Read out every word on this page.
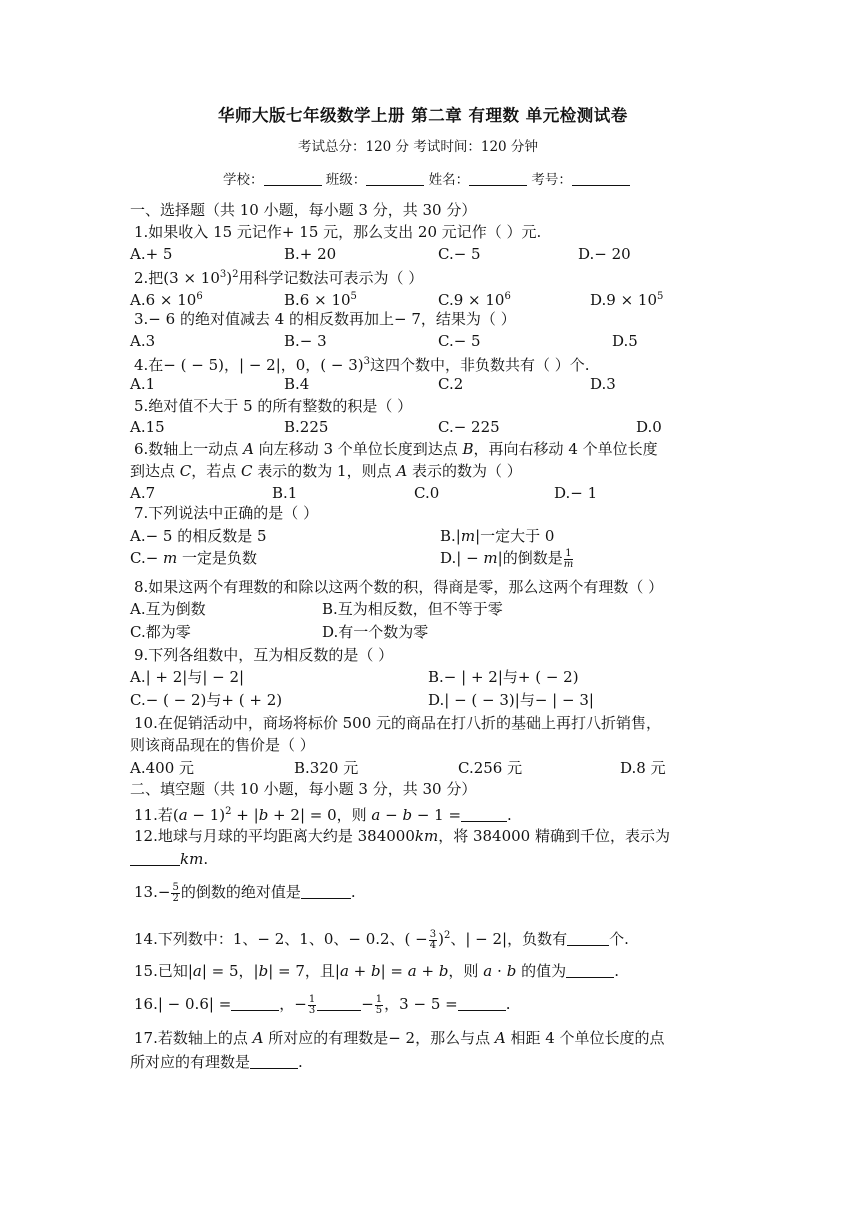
华师大版七年级数学上册 第二章 有理数 单元检测试卷
考试总分：120 分 考试时间：120 分钟
学校：	班级：	姓名：	考号：
一、选择题（共 10 小题，每小题 3 分，共 30 分）
1.如果收入 15 元记作+ 15 元，那么支出 20 元记作（ ）元.
A.+ 5	B.+ 20	C.− 5	D.− 20
2.把$(3 \times 10^3)^2$用科学记数法可表示为（ ）
$A.6 \times 10^6$	$B.6 \times 10^5$	$C.9 \times 10^6$	$D.9 \times 10^5$
3.− 6 的绝对值减去 4 的相反数再加上− 7，结果为（ ）
A.3	B.− 3	C.− 5	D.5
4.在− ( − 5)，| − 2|，0，( − 3)$^3$这四个数中，非负数共有（ ）个.
A.1	B.4	C.2	D.3
5.绝对值不大于 5 的所有整数的积是（ ）
A.15	B.225	C.− 225	D.0
6.数轴上一动点 𝐴 向左移动 3 个单位长度到达点 𝐵，再向右移动 4 个单位长度
到达点 𝐶，若点 𝐶 表示的数为 1，则点 𝐴 表示的数为（ ）
A.7	B.1	C.0	D.− 1
7.下列说法中正确的是（ ）
A.− 5 的相反数是 5	B.|𝑚|一定大于 0
C.− 𝑚 一定是负数	D.| − 𝑚|的倒数是 $\frac{1}{\text{𝑚}}$
8.如果这两个有理数的和除以这两个数的积，得商是零，那么这两个有理数（ ）
A.互为倒数	B.互为相反数，但不等于零
C.都为零	D.有一个数为零
9.下列各组数中，互为相反数的是（ ）
A.| + 2|与| − 2|	B.− | + 2|与+ ( − 2)
C.− ( − 2)与+ ( + 2)	D.| − ( − 3)|与− | − 3|
10.在促销活动中，商场将标价 500 元的商品在打八折的基础上再打八折销售，
则该商品现在的售价是（ ）
A.400 元	B.320 元	C.256 元	D.8 元
二、填空题（共 10 小题，每小题 3 分，共 30 分）
11.若(𝑎 − 1)$^2$ + |𝑏 + 2| = 0，则 𝑎 − 𝑏 − 1 =	.
12.地球与月球的平均距离大约是 384000𝑘𝑚，将 384000 精确到千位，表示为
𝑘𝑚.
$13.- \frac{5}{2}$ 的倒数的绝对值是	.
14.下列数中：1、− 2、1、0、− 0.2、( − $\frac{3}{4} )^2$、| − 2|，负数有	个.
15.已知|𝑎| = 5，|𝑏| = 7，且|𝑎 + 𝑏| = 𝑎 + 𝑏，则 𝑎 ⋅ 𝑏 的值为	.
16.| − 0.6| =	，− $\frac{1}{3}$	− $\frac{1}{5}$ ，3 − 5 =	.
17.若数轴上的点 𝐴 所对应的有理数是− 2，那么与点 𝐴 相距 4 个单位长度的点
所对应的有理数是	.
